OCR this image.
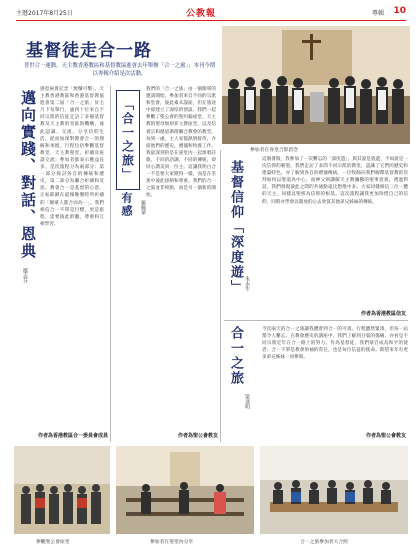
主曆2017年8月25日	公教報	專輯 10
基督徒走合一路
普世合一運動，天主教香港教區和基督教協進會去年舉辦「合一之旅」；本刊今期以專輯介紹是次活動。
參加者在各堂合影留念
邁向實踐、對話、恩典
鄒志芬
感恩兩會記念「無懈可擊」，天主教香港教區和香港基督教協進會第二屆「合一之旅」於七月下旬舉行，逾四十位來自不同宗派的信徒走訪了多個基督教及天主教的堂區與機構，彼此認識、交流、分享信仰生活，從而加深對教會合一的理解和承擔。行程包括參觀基督教堂、天主教聖堂、祈禱及座談交流；參加者都表示獲益良多。是次旅程分為兩部分：第一部分探討各自的傳統和歷史，第二部分為聯合祈禱和反思。教會合一是基督的心意，正如耶穌在最後晚餐時所祈禱的「願眾人都合而為一」。我們相信合一不單是目標，更是旅程，需要彼此聆聽、尊重和互相學習。
作者為香港教區合一委員會成員
「合一之旅」
有感 羅佩華
我們的「合一之旅」由一個簡單的邀請開始。參加者來自不同的宗派和堂會，彼此素未謀面，但在旅途中卻建立了深厚的情誼。我們一起參觀了聖公會的聖約翰座堂、天主教的聖母無原罪主教座堂，以及信義宗和循道衛理聯合教會的教堂。每到一處，主人家都熱情接待，介紹他們的歷史、禮儀和牧養工作。我最深刻的是在座堂內一起頌唱詩歌，不同的語調、不同的傳統，卻同心讚美同一位主。這讓我明白合一不是要大家變得一樣，而是在差異中彼此接納和尊重。我們的合一之旅並非終點，而是另一個新的開始。
作者為聖公會教友
基督信仰「深度遊」 朱永生
這個暑假，我參加了一次難忘的「深度遊」。與其說是旅遊，不如說是一次信仰的朝聖。我們走訪了多間不同宗派的教堂，認識了它們的歷史和建築特色，亦了解到各自的禮儀傳統。一位牧師向我們解釋基督教的崇拜如何以聖道為中心，而神父則講解天主教彌撒的聖事意義。透過對話，我們發現彼此之間的共通點遠比想像中多。大家同樣相信三位一體的天主，同樣以聖經為信仰的根基。這次旅程讓我更加珍惜自己的信仰，同時亦學會以開放的心去欣賞其他弟兄姊妹的傳統。
作者為香港教區信友
合一之旅
梁達明
今次兩天的合一之旅讓我體會到合一的可貴。行程雖然緊湊，但每一站都令人難忘。在教會歷史的講座中，我們了解到分裂的傷痛，亦看見不同宗派近年在合一路上的努力。作為基督徒，我們蒙召成為和平的使者；合一不單是教會領袖的責任，也是每位信徒的使命。期望來年有更多弟兄姊妹一同參與。
作者為聖公會教友
參觀聖公會座堂	參加者在聖堂內分享	合一之旅參加者大合照
